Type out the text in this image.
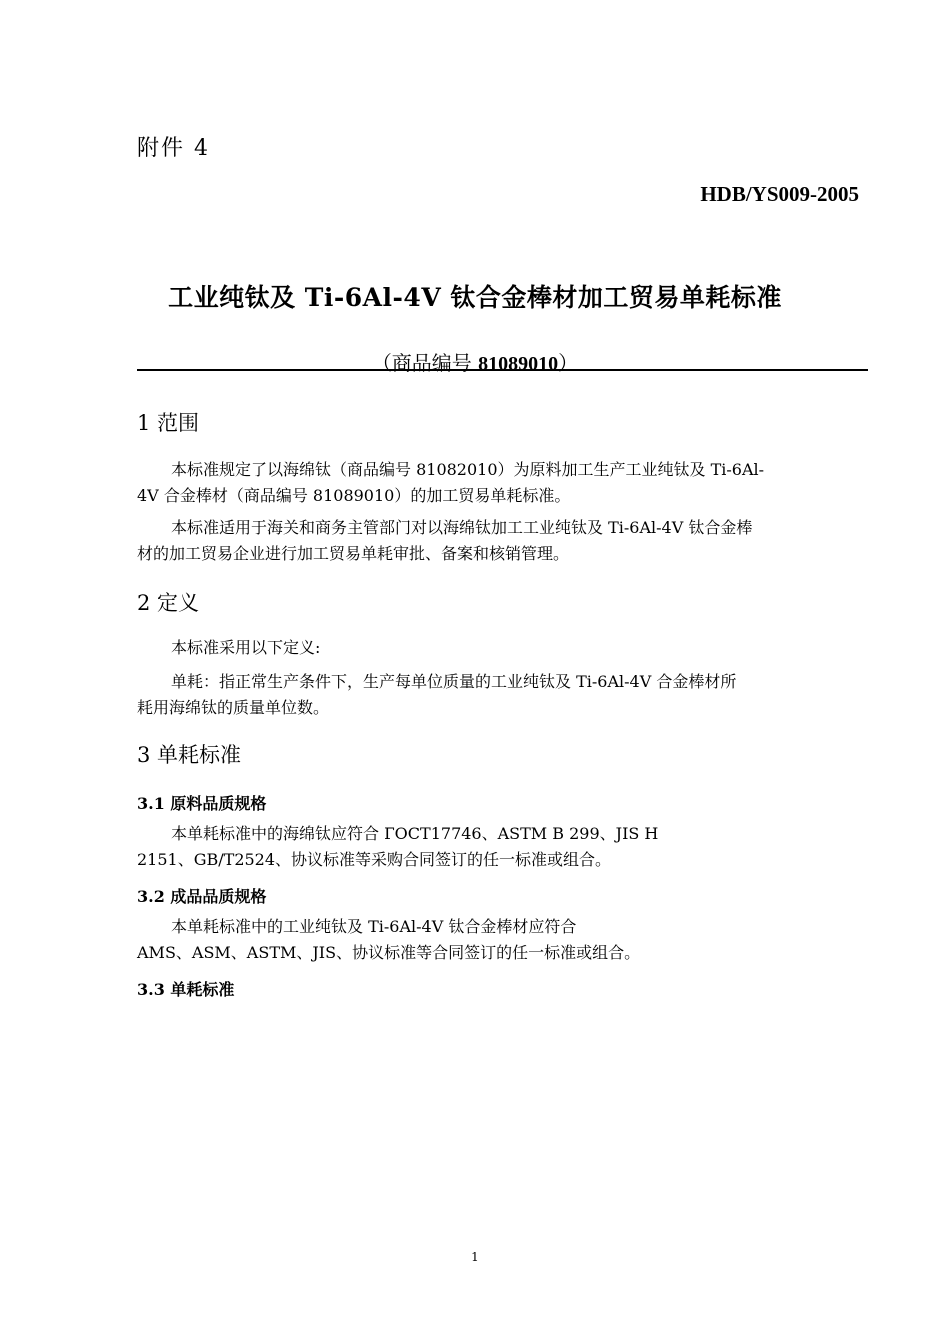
附件 4
HDB/YS009-2005
工业纯钛及 Ti-6Al-4V 钛合金棒材加工贸易单耗标准
（商品编号 81089010）
1 范围
本标准规定了以海绵钛（商品编号 81082010）为原料加工生产工业纯钛及 Ti-6Al-
4V 合金棒材（商品编号 81089010）的加工贸易单耗标准。
本标准适用于海关和商务主管部门对以海绵钛加工工业纯钛及 Ti-6Al-4V 钛合金棒
材的加工贸易企业进行加工贸易单耗审批、备案和核销管理。
2 定义
本标准采用以下定义:
单耗：指正常生产条件下，生产每单位质量的工业纯钛及 Ti-6Al-4V 合金棒材所
耗用海绵钛的质量单位数。
3 单耗标准
3.1 原料品质规格
本单耗标准中的海绵钛应符合 ГОСТ17746、ASTM B 299、JIS H
2151、GB/T2524、协议标准等采购合同签订的任一标准或组合。
3.2 成品品质规格
本单耗标准中的工业纯钛及 Ti-6Al-4V 钛合金棒材应符合
AMS、ASM、ASTM、JIS、协议标准等合同签订的任一标准或组合。
3.3 单耗标准
1
